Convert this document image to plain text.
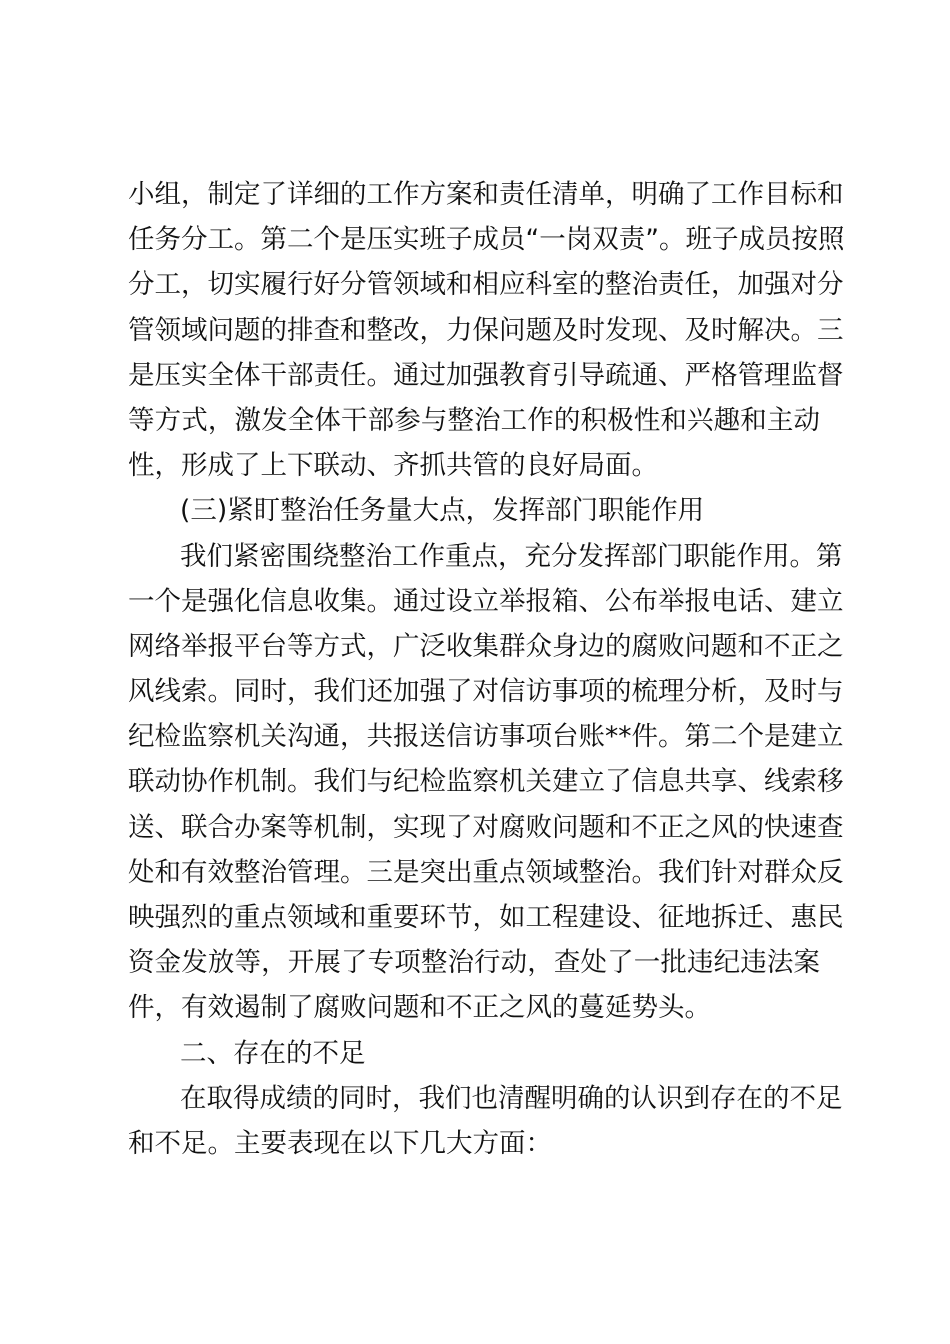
小组，制定了详细的工作方案和责任清单，明确了工作目标和
任务分工。第二个是压实班子成员“一岗双责”。班子成员按照
分工，切实履行好分管领域和相应科室的整治责任，加强对分
管领域问题的排查和整改，力保问题及时发现、及时解决。三
是压实全体干部责任。通过加强教育引导疏通、严格管理监督
等方式，激发全体干部参与整治工作的积极性和兴趣和主动
性，形成了上下联动、齐抓共管的良好局面。
(三)紧盯整治任务量大点，发挥部门职能作用
我们紧密围绕整治工作重点，充分发挥部门职能作用。第
一个是强化信息收集。通过设立举报箱、公布举报电话、建立
网络举报平台等方式，广泛收集群众身边的腐败问题和不正之
风线索。同时，我们还加强了对信访事项的梳理分析，及时与
纪检监察机关沟通，共报送信访事项台账**件。第二个是建立
联动协作机制。我们与纪检监察机关建立了信息共享、线索移
送、联合办案等机制，实现了对腐败问题和不正之风的快速查
处和有效整治管理。三是突出重点领域整治。我们针对群众反
映强烈的重点领域和重要环节，如工程建设、征地拆迁、惠民
资金发放等，开展了专项整治行动，查处了一批违纪违法案
件，有效遏制了腐败问题和不正之风的蔓延势头。
二、存在的不足
在取得成绩的同时，我们也清醒明确的认识到存在的不足
和不足。主要表现在以下几大方面：
